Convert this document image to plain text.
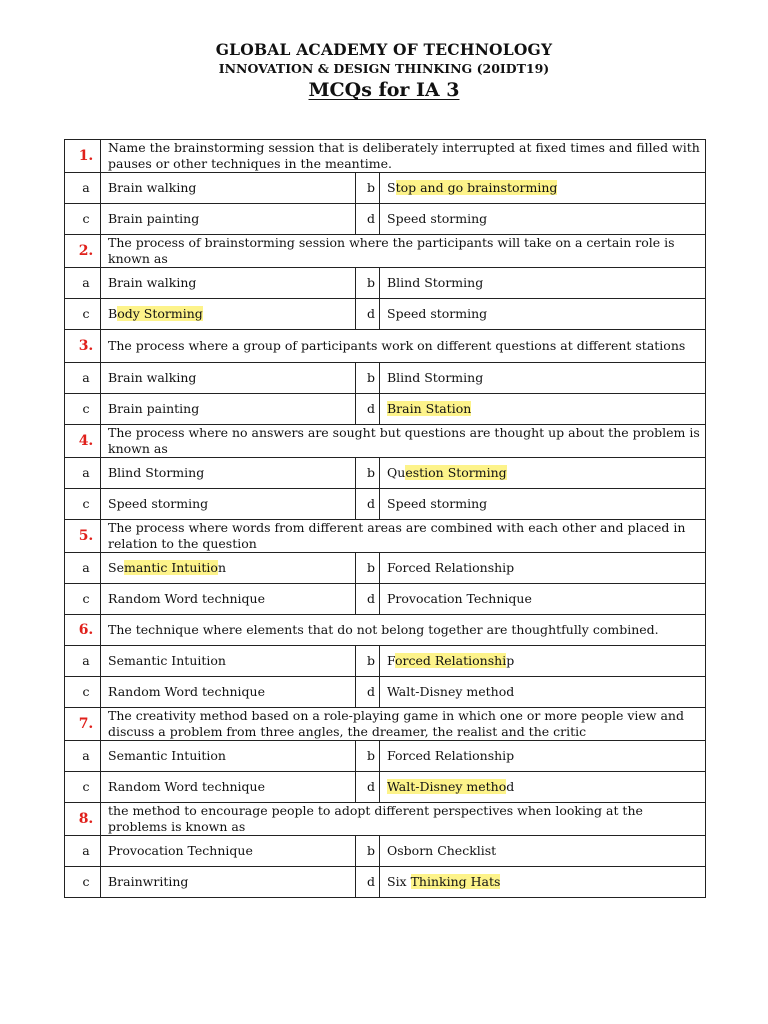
GLOBAL ACADEMY OF TECHNOLOGY
INNOVATION & DESIGN THINKING (20IDT19)
MCQs for IA 3
1.	Name the brainstorming session that is deliberately interrupted at fixed times and filled with pauses or other techniques in the meantime.		
a	Brain walking	b	Stop and go brainstorming
c	Brain painting	d	Speed storming
2.	The process of brainstorming session where the participants will take on a certain role is known as		
a	Brain walking	b	Blind Storming
c	Body Storming	d	Speed storming
3.	The process where a group of participants work on different questions at different stations		
a	Brain walking	b	Blind Storming
c	Brain painting	d	Brain Station
4.	The process where no answers are sought but questions are thought up about the problem is known as		
a	Blind Storming	b	Question Storming
c	Speed storming	d	Speed storming
5.	The process where words from different areas are combined with each other and placed in relation to the question		
a	Semantic Intuition	b	Forced Relationship
c	Random Word technique	d	Provocation Technique
6.	The technique where elements that do not belong together are thoughtfully combined.		
a	Semantic Intuition	b	Forced Relationship
c	Random Word technique	d	Walt-Disney method
7.	The creativity method based on a role-playing game in which one or more people view and discuss a problem from three angles, the dreamer, the realist and the critic		
a	Semantic Intuition	b	Forced Relationship
c	Random Word technique	d	Walt-Disney method
8.	the method to encourage people to adopt different perspectives when looking at the problems is known as		
a	Provocation Technique	b	Osborn Checklist
c	Brainwriting	d	Six Thinking Hats
